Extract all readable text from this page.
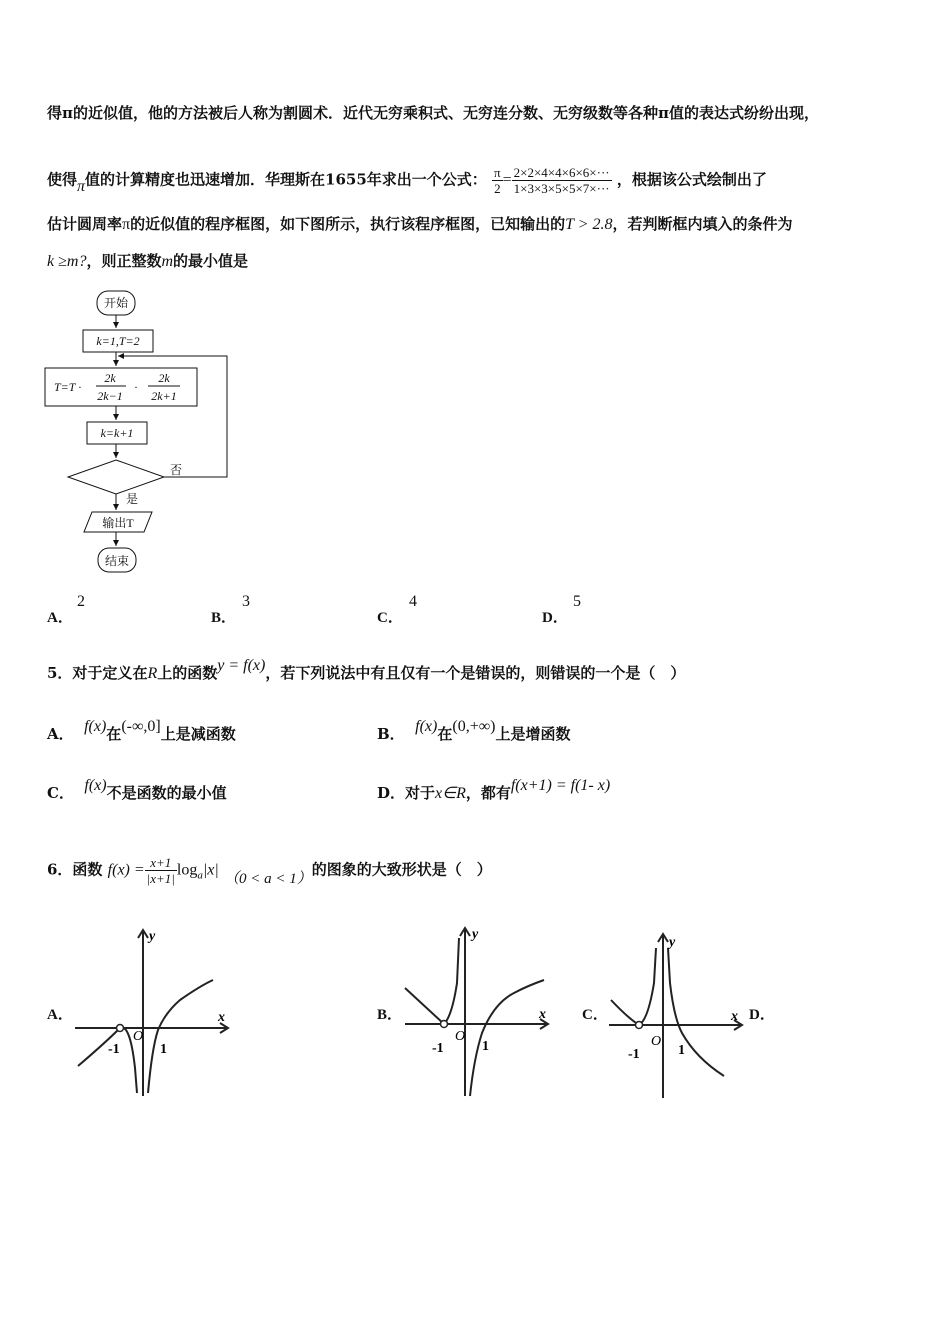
得π的近似值，他的方法被后人称为割圆术．近代无穷乘积式、无穷连分数、无穷级数等各种π值的表达式纷纷出现，
使得π值的计算精度也迅速增加．华理斯在1655年求出一个公式： $\frac{\pi}{2} = \frac{2\times 2\times 4\times 4\times 6\times 6\times\cdot\cdot\cdot}{1\times 3\times 3\times 5\times 5\times 7\times\cdot\cdot\cdot}$ ，根据该公式绘制出了
估计圆周率π的近似值的程序框图，如下图所示，执行该程序框图，已知输出的T > 2.8，若判断框内填入的条件为
k ≥m?，则正整数m的最小值是
开始
k=1,T=2
T=T ·
2k
2k−1
·
2k
2k+1
k=k+1
否
是
输出T
结束
A．
2
B．
3
C．
4
D．
5
5．对于定义在R上的函数y = f(x)，若下列说法中有且仅有一个是错误的，则错误的一个是（　）
A． f(x)在(-∞,0]上是减函数	B． f(x)在(0,+∞)上是增函数
C． f(x)不是函数的最小值	D．对于x∈R，都有f(x+1) = f(1- x)
6．函数 $f(x) = \frac{x+1}{|x+1|} \log_a|x|$ （0 < a < 1）的图象的大致形状是（　）
A．	B．	C．	D．
y
x
-1
O
1
y
x
-1
O
1
y
x
-1
O
1
